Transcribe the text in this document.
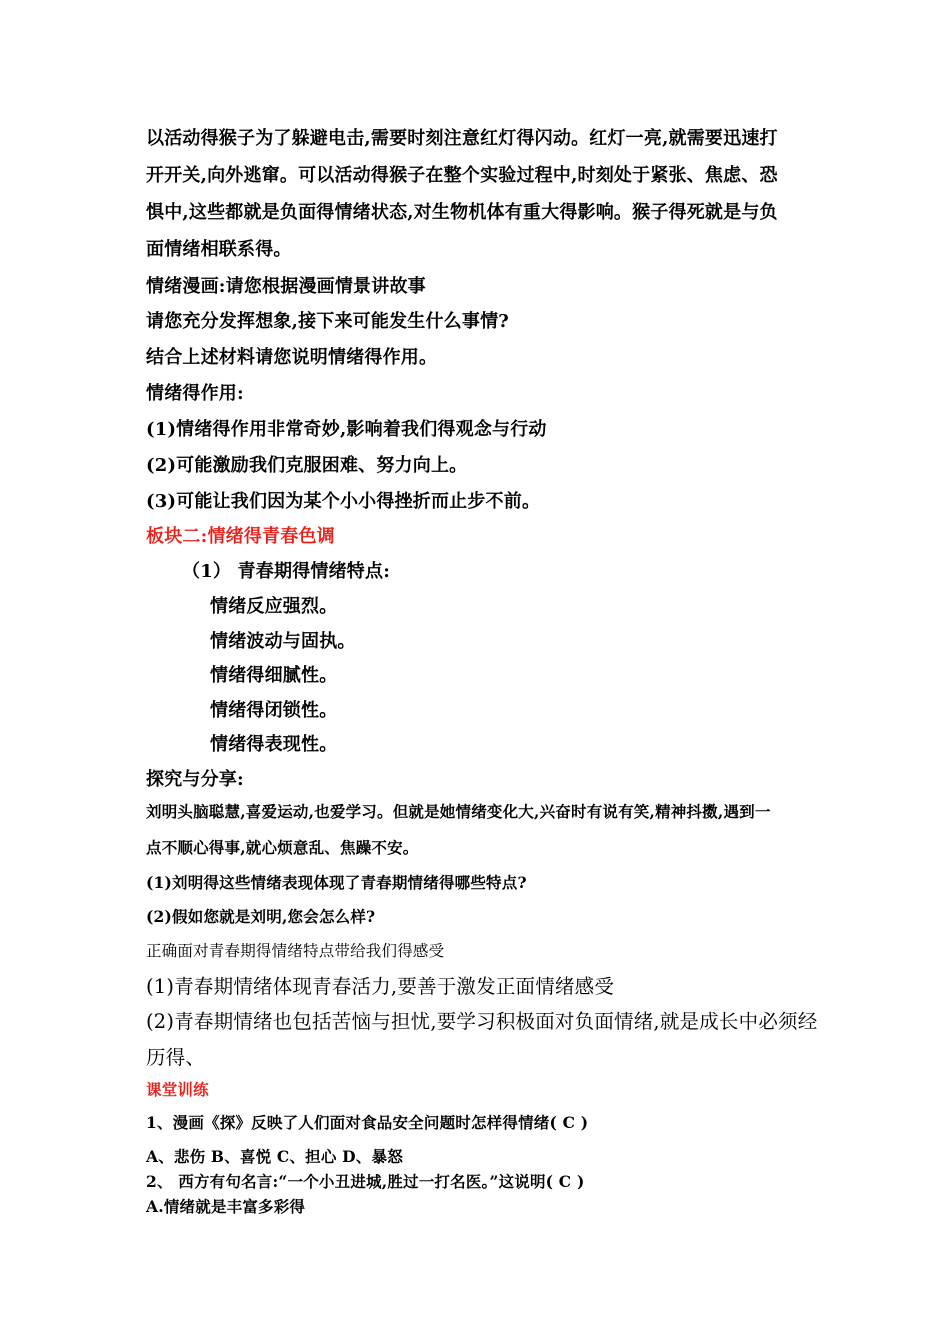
以活动得猴子为了躲避电击,需要时刻注意红灯得闪动。红灯一亮,就需要迅速打
开开关,向外逃窜。可以活动得猴子在整个实验过程中,时刻处于紧张、焦虑、恐
惧中,这些都就是负面得情绪状态,对生物机体有重大得影响。猴子得死就是与负
面情绪相联系得。
情绪漫画:请您根据漫画情景讲故事
请您充分发挥想象,接下来可能发生什么事情?
结合上述材料请您说明情绪得作用。
情绪得作用:
(1)情绪得作用非常奇妙,影响着我们得观念与行动
(2)可能激励我们克服困难、努力向上。
(3)可能让我们因为某个小小得挫折而止步不前。
板块二:情绪得青春色调
（1） 青春期得情绪特点:
情绪反应强烈。
情绪波动与固执。
情绪得细腻性。
情绪得闭锁性。
情绪得表现性。
探究与分享:
刘明头脑聪慧,喜爱运动,也爱学习。但就是她情绪变化大,兴奋时有说有笑,精神抖擞,遇到一
点不顺心得事,就心烦意乱、焦躁不安。
(1)刘明得这些情绪表现体现了青春期情绪得哪些特点?
(2)假如您就是刘明,您会怎么样?
正确面对青春期得情绪特点带给我们得感受
(1)青春期情绪体现青春活力,要善于激发正面情绪感受
(2)青春期情绪也包括苦恼与担忧,要学习积极面对负面情绪,就是成长中必须经
历得、
课堂训练
1、漫画《探》反映了人们面对食品安全问题时怎样得情绪( C )
A、悲伤 B、喜悦 C、担心 D、暴怒
2、 西方有句名言:“一个小丑进城,胜过一打名医。”这说明( C )
A.情绪就是丰富多彩得
